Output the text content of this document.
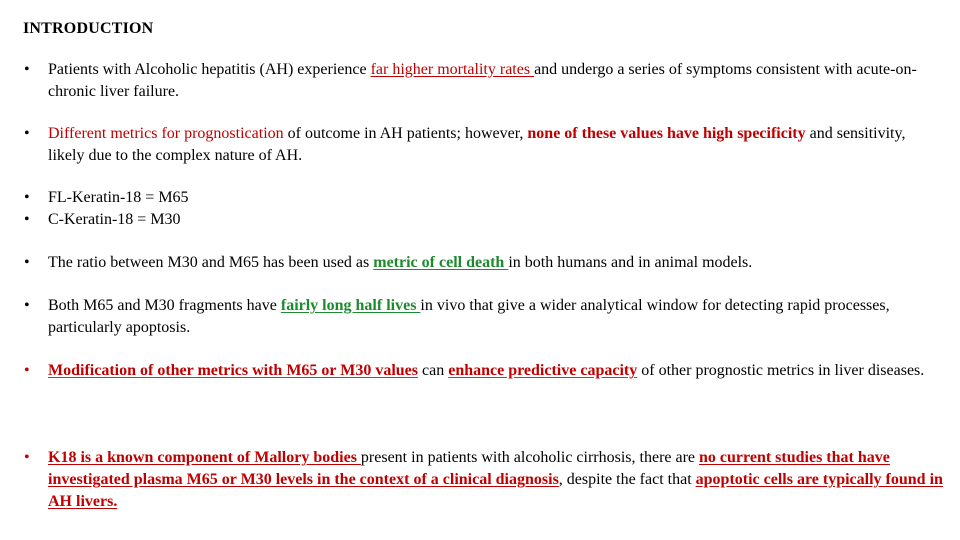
INTRODUCTION
•	Patients with Alcoholic hepatitis (AH) experience far higher mortality rates and undergo a series of symptoms consistent with acute-on-chronic liver failure.
•	Different metrics for prognostication of outcome in AH patients; however, none of these values have high specificity and sensitivity, likely due to the complex nature of AH.
•	FL-Keratin-18 = M65
•	C-Keratin-18 = M30
•	The ratio between M30 and M65 has been used as metric of cell death in both humans and in animal models.
•	Both M65 and M30 fragments have fairly long half lives in vivo that give a wider analytical window for detecting rapid processes, particularly apoptosis.
•	Modification of other metrics with M65 or M30 values can enhance predictive capacity of other prognostic metrics in liver diseases.
•	K18 is a known component of Mallory bodies present in patients with alcoholic cirrhosis, there are no current studies that have investigated plasma M65 or M30 levels in the context of a clinical diagnosis, despite the fact that apoptotic cells are typically found in AH livers.
